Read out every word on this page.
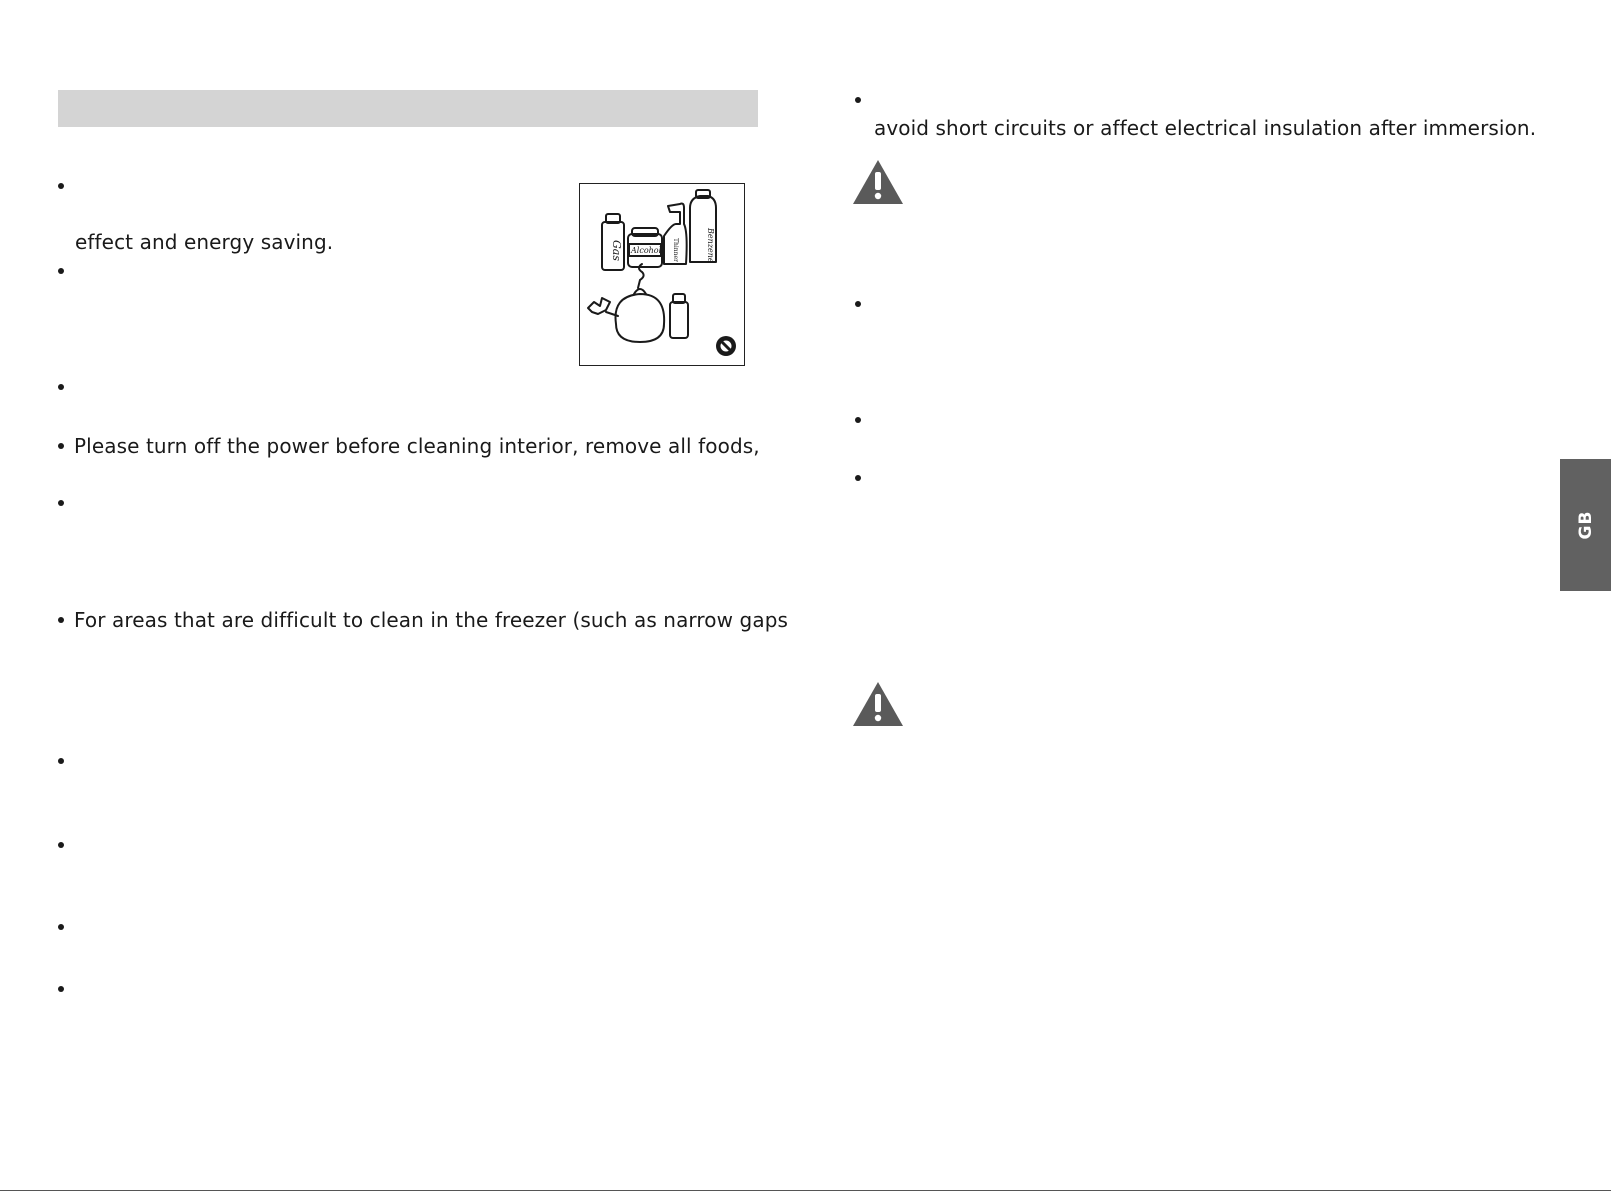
effect and energy saving.
Please turn off the power before cleaning interior, remove all foods,
For areas that are difficult to clean in the freezer (such as narrow gaps
Gas Alcohol Thinner	Benzene
avoid short circuits or affect electrical insulation after immersion.
GB
